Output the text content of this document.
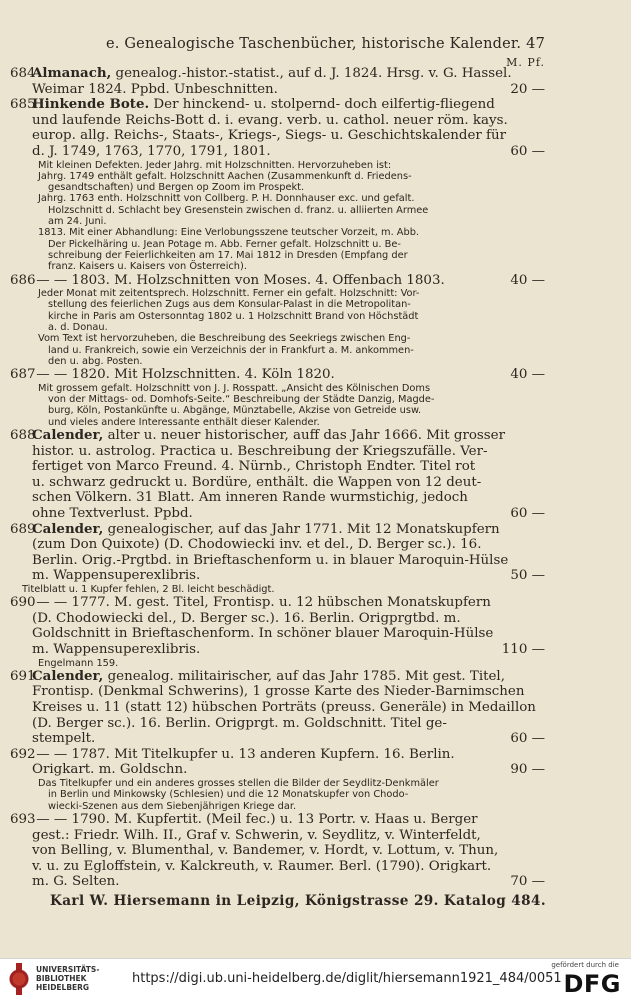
e. Genealogische Taschenbücher, historische Kalender. 47
M. Pf.
684Almanach, genealog.-histor.-statist., auf d. J. 1824. Hrsg. v. G. Hassel.
Weimar 1824. Ppbd. Unbeschnitten.	20 —
685Hinkende Bote. Der hinckend- u. stolpernd- doch eilfertig-fliegend
und laufende Reichs-Bott d. i. evang. verb. u. cathol. neuer röm. kays.
europ. allg. Reichs-, Staats-, Kriegs-, Siegs- u. Geschichtskalender für
d. J. 1749, 1763, 1770, 1791, 1801.	60 —
Mit kleinen Defekten. Jeder Jahrg. mit Holzschnitten. Hervorzuheben ist:
Jahrg. 1749 enthält gefalt. Holzschnitt Aachen (Zusammenkunft d. Friedens-
gesandtschaften) und Bergen op Zoom im Prospekt.
Jahrg. 1763 enth. Holzschnitt von Collberg. P. H. Donnhauser exc. und gefalt.
Holzschnitt d. Schlacht bey Gresenstein zwischen d. franz. u. alliierten Armee
am 24. Juni.
1813. Mit einer Abhandlung: Eine Verlobungsszene teutscher Vorzeit, m. Abb.
Der Pickelhäring u. Jean Potage m. Abb. Ferner gefalt. Holzschnitt u. Be-
schreibung der Feierlichkeiten am 17. Mai 1812 in Dresden (Empfang der
franz. Kaisers u. Kaisers von Österreich).
686 — — 1803. M. Holzschnitten von Moses. 4. Offenbach 1803.	40 —
Jeder Monat mit zeitentsprech. Holzschnitt. Ferner ein gefalt. Holzschnitt: Vor-
stellung des feierlichen Zugs aus dem Konsular-Palast in die Metropolitan-
kirche in Paris am Ostersonntag 1802 u. 1 Holzschnitt Brand von Höchstädt
a. d. Donau.
Vom Text ist hervorzuheben, die Beschreibung des Seekriegs zwischen Eng-
land u. Frankreich, sowie ein Verzeichnis der in Frankfurt a. M. ankommen-
den u. abg. Posten.
687 — — 1820. Mit Holzschnitten. 4. Köln 1820.	40 —
Mit grossem gefalt. Holzschnitt von J. J. Rosspatt. „Ansicht des Kölnischen Doms
von der Mittags- od. Domhofs-Seite.“ Beschreibung der Städte Danzig, Magde-
burg, Köln, Postankünfte u. Abgänge, Münztabelle, Akzise von Getreide usw.
und vieles andere Interessante enthält dieser Kalender.
688Calender, alter u. neuer historischer, auff das Jahr 1666. Mit grosser
histor. u. astrolog. Practica u. Beschreibung der Kriegszufälle. Ver-
fertiget von Marco Freund. 4. Nürnb., Christoph Endter. Titel rot
u. schwarz gedruckt u. Bordüre, enthält. die Wappen von 12 deut-
schen Völkern. 31 Blatt. Am inneren Rande wurmstichig, jedoch
ohne Textverlust. Ppbd.	60 —
689Calender, genealogischer, auf das Jahr 1771. Mit 12 Monatskupfern
(zum Don Quixote) (D. Chodowiecki inv. et del., D. Berger sc.). 16.
Berlin. Orig.-Prgtbd. in Brieftaschenform u. in blauer Maroquin-Hülse
m. Wappensuperexlibris.	50 —
Titelblatt u. 1 Kupfer fehlen, 2 Bl. leicht beschädigt.
690 — — 1777. M. gest. Titel, Frontisp. u. 12 hübschen Monatskupfern
(D. Chodowiecki del., D. Berger sc.). 16. Berlin. Origprgtbd. m.
Goldschnitt in Brieftaschenform. In schöner blauer Maroquin-Hülse
m. Wappensuperexlibris.	110 —
Engelmann 159.
691Calender, genealog. militairischer, auf das Jahr 1785. Mit gest. Titel,
Frontisp. (Denkmal Schwerins), 1 grosse Karte des Nieder-Barnimschen
Kreises u. 11 (statt 12) hübschen Porträts (preuss. Generäle) in Medaillon
(D. Berger sc.). 16. Berlin. Origprgt. m. Goldschnitt. Titel ge-
stempelt.	60 —
692 — — 1787. Mit Titelkupfer u. 13 anderen Kupfern. 16. Berlin.
Origkart. m. Goldschn.	90 —
Das Titelkupfer und ein anderes grosses stellen die Bilder der Seydlitz-Denkmäler
in Berlin und Minkowsky (Schlesien) und die 12 Monatskupfer von Chodo-
wiecki-Szenen aus dem Siebenjährigen Kriege dar.
693 — — 1790. M. Kupfertit. (Meil fec.) u. 13 Portr. v. Haas u. Berger
gest.: Friedr. Wilh. II., Graf v. Schwerin, v. Seydlitz, v. Winterfeldt,
von Belling, v. Blumenthal, v. Bandemer, v. Hordt, v. Lottum, v. Thun,
v. u. zu Egloffstein, v. Kalckreuth, v. Raumer. Berl. (1790). Origkart.
m. G. Selten.	70 —
Karl W. Hiersemann in Leipzig, Königstrasse 29. Katalog 484.
UNIVERSITÄTS-
BIBLIOTHEK
HEIDELBERG
https://digi.ub.uni-heidelberg.de/diglit/hiersemann1921_484/0051
gefördert durch die
DFG
